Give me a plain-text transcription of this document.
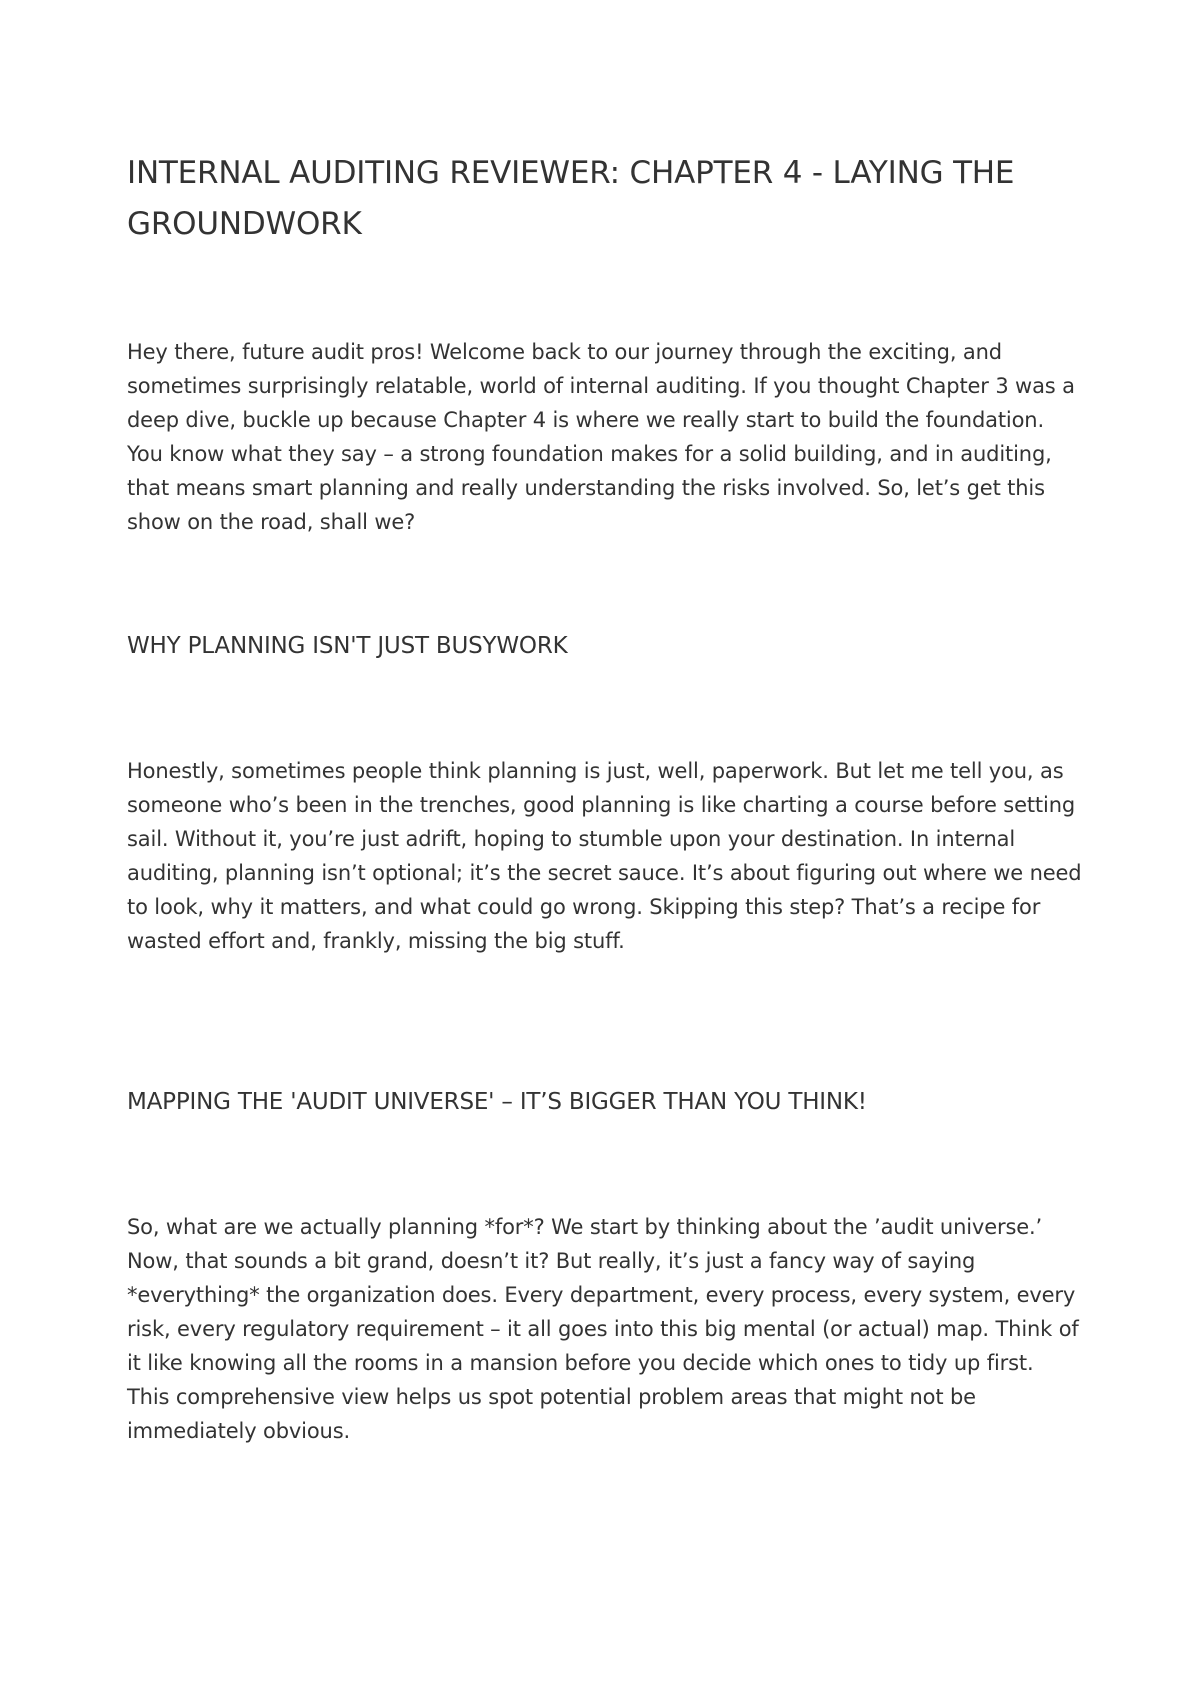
INTERNAL AUDITING REVIEWER: CHAPTER 4 - LAYING THE GROUNDWORK

Hey there, future audit pros! Welcome back to our journey through the exciting, and sometimes surprisingly relatable, world of internal auditing. If you thought Chapter 3 was a deep dive, buckle up because Chapter 4 is where we really start to build the foundation. You know what they say – a strong foundation makes for a solid building, and in auditing, that means smart planning and really understanding the risks involved. So, let’s get this show on the road, shall we?

WHY PLANNING ISN'T JUST BUSYWORK

Honestly, sometimes people think planning is just, well, paperwork. But let me tell you, as someone who’s been in the trenches, good planning is like charting a course before setting sail. Without it, you’re just adrift, hoping to stumble upon your destination. In internal auditing, planning isn’t optional; it’s the secret sauce. It’s about figuring out where we need to look, why it matters, and what could go wrong. Skipping this step? That’s a recipe for wasted effort and, frankly, missing the big stuff.

MAPPING THE 'AUDIT UNIVERSE' – IT’S BIGGER THAN YOU THINK!

So, what are we actually planning *for*? We start by thinking about the ’audit universe.’ Now, that sounds a bit grand, doesn’t it? But really, it’s just a fancy way of saying *everything* the organization does. Every department, every process, every system, every risk, every regulatory requirement – it all goes into this big mental (or actual) map. Think of it like knowing all the rooms in a mansion before you decide which ones to tidy up first. This comprehensive view helps us spot potential problem areas that might not be immediately obvious.
